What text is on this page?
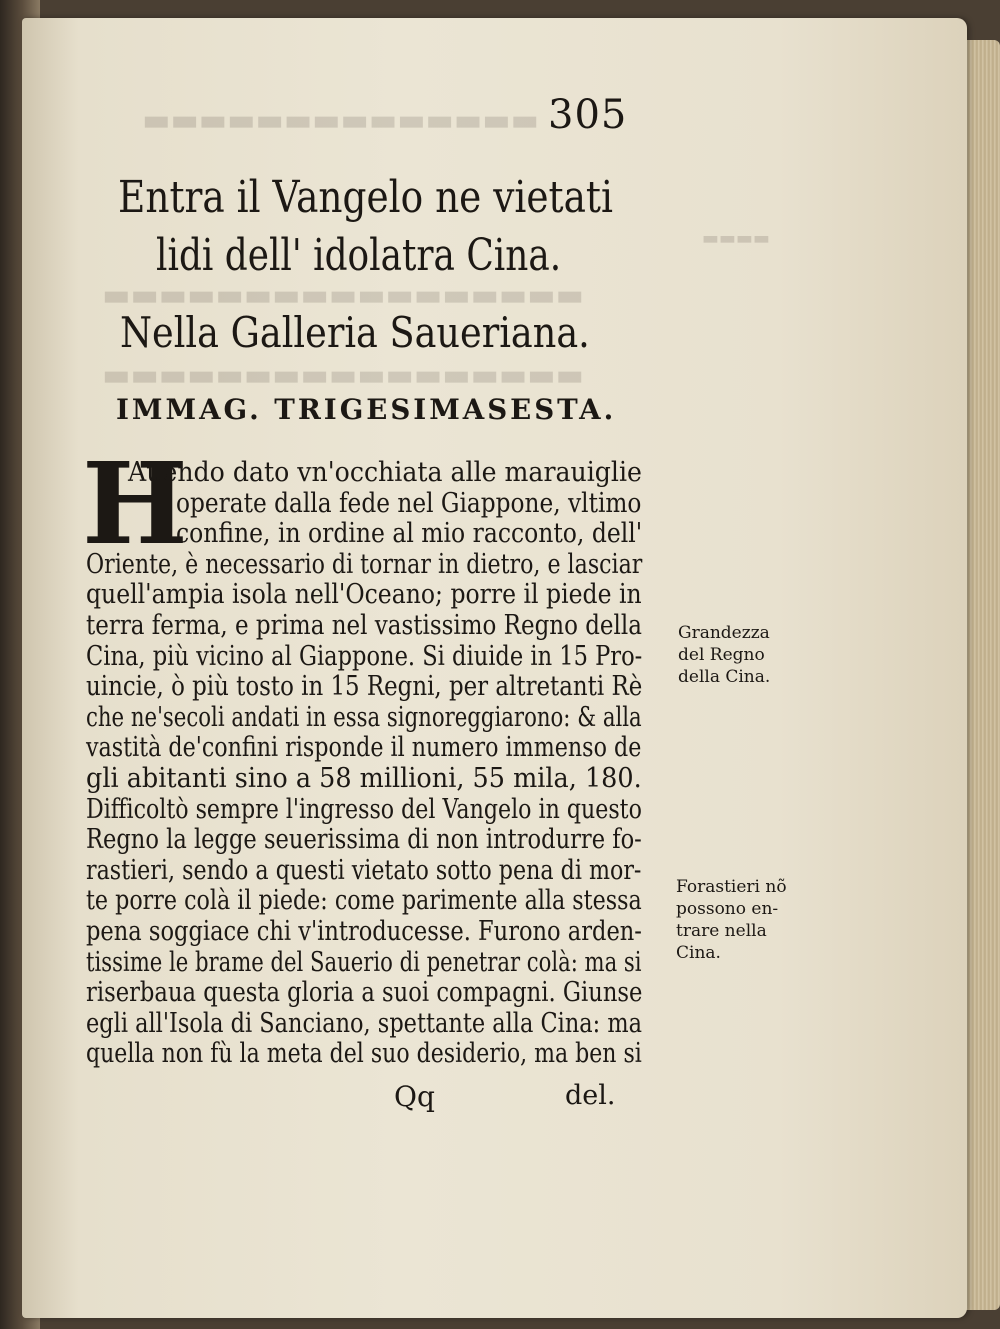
▬▬▬▬▬▬▬▬▬▬▬▬▬▬
▬▬▬▬▬▬▬▬▬▬▬▬▬▬▬▬▬
▬▬▬▬▬▬▬▬▬▬▬▬▬▬▬▬▬
▬▬▬▬
305
Entra il Vangelo ne vietati
lidi dell' idolatra Cina.
Nella Galleria Saueriana.
IMMAG. TRIGESIMASESTA.
H
Auendo dato vn'occhiata alle marauiglie
operate dalla fede nel Giappone, vltimo
confine, in ordine al mio racconto, dell'
Oriente, è necessario di tornar in dietro, e lasciar
quell'ampia isola nell'Oceano; porre il piede in
terra ferma, e prima nel vastissimo Regno della
Cina, più vicino al Giappone. Si diuide in 15 Pro-
uincie, ò più tosto in 15 Regni, per altretanti Rè
che ne'secoli andati in essa signoreggiarono: & alla
vastità de'confini risponde il numero immenso de
gli abitanti sino a 58 millioni, 55 mila, 180.
Difficoltò sempre l'ingresso del Vangelo in questo
Regno la legge seuerissima di non introdurre fo-
rastieri, sendo a questi vietato sotto pena di mor-
te porre colà il piede: come parimente alla stessa
pena soggiace chi v'introducesse. Furono arden-
tissime le brame del Sauerio di penetrar colà: ma si
riserbaua questa gloria a suoi compagni. Giunse
egli all'Isola di Sanciano, spettante alla Cina: ma
quella non fù la meta del suo desiderio, ma ben si
Qq	del.
Grandezza
del Regno
della Cina.
Forastieri nõ
possono en-
trare nella
Cina.
